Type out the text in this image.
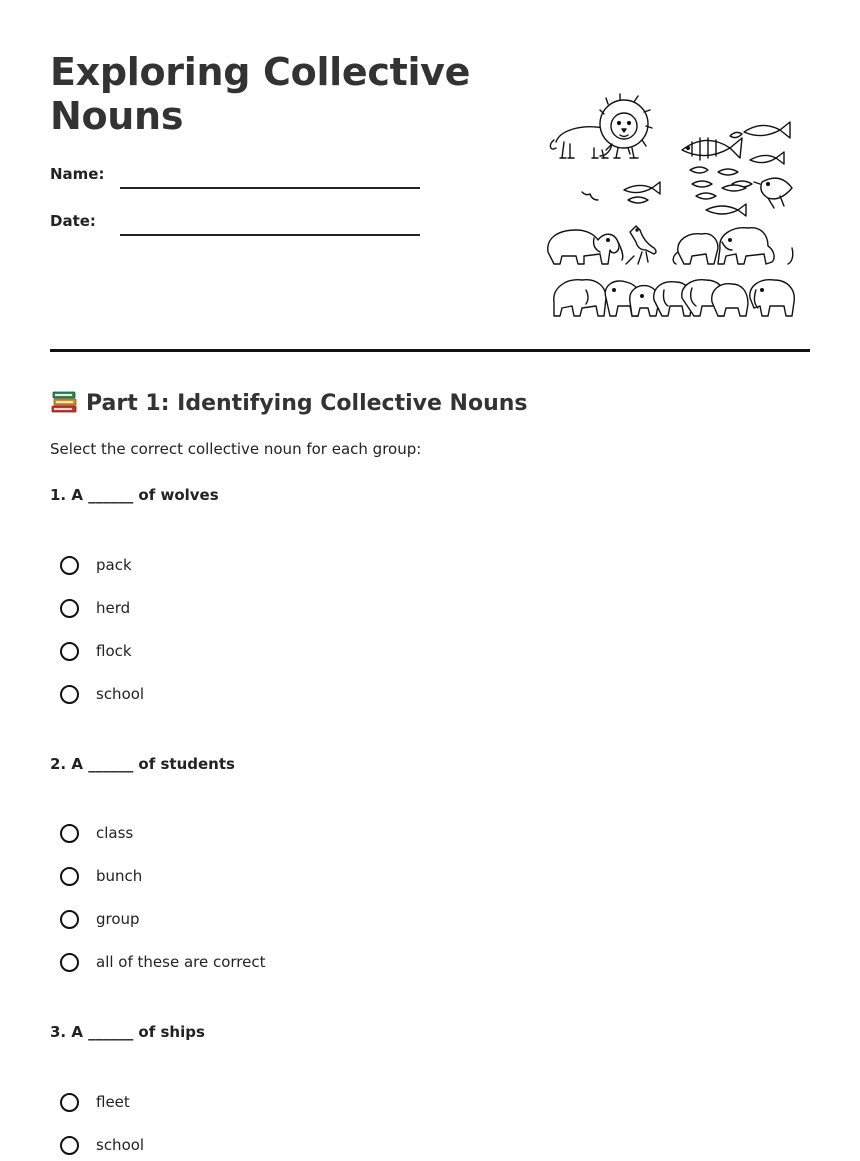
Exploring Collective Nouns
Name:
Date:
Part 1: Identifying Collective Nouns
Select the correct collective noun for each group:
1. A ______ of wolves
pack
herd
flock
school
2. A ______ of students
class
bunch
group
all of these are correct
3. A ______ of ships
fleet
school
